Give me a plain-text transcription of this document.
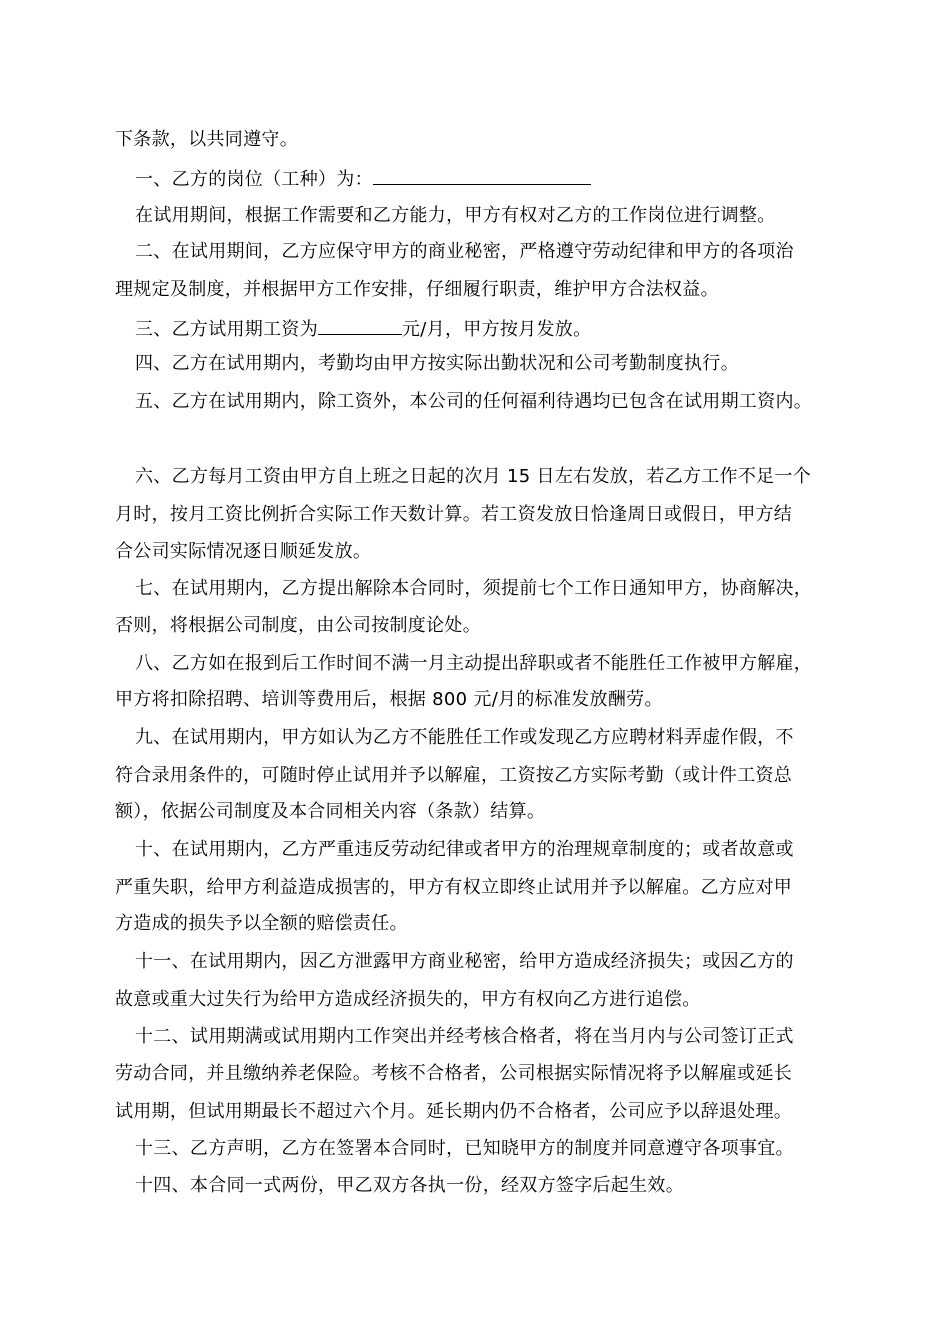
下条款，以共同遵守。
一、乙方的岗位（工种）为：
在试用期间，根据工作需要和乙方能力，甲方有权对乙方的工作岗位进行调整。
二、在试用期间，乙方应保守甲方的商业秘密，严格遵守劳动纪律和甲方的各项治
理规定及制度，并根据甲方工作安排，仔细履行职责，维护甲方合法权益。
三、乙方试用期工资为	元/月，甲方按月发放。
四、乙方在试用期内，考勤均由甲方按实际出勤状况和公司考勤制度执行。
五、乙方在试用期内，除工资外，本公司的任何福利待遇均已包含在试用期工资内。
六、乙方每月工资由甲方自上班之日起的次月 15 日左右发放，若乙方工作不足一个
月时，按月工资比例折合实际工作天数计算。若工资发放日恰逢周日或假日，甲方结
合公司实际情况逐日顺延发放。
七、在试用期内，乙方提出解除本合同时，须提前七个工作日通知甲方，协商解决，
否则，将根据公司制度，由公司按制度论处。
八、乙方如在报到后工作时间不满一月主动提出辞职或者不能胜任工作被甲方解雇，
甲方将扣除招聘、培训等费用后，根据 800 元/月的标准发放酬劳。
九、在试用期内，甲方如认为乙方不能胜任工作或发现乙方应聘材料弄虚作假，不
符合录用条件的，可随时停止试用并予以解雇，工资按乙方实际考勤（或计件工资总
额），依据公司制度及本合同相关内容（条款）结算。
十、在试用期内，乙方严重违反劳动纪律或者甲方的治理规章制度的；或者故意或
严重失职，给甲方利益造成损害的，甲方有权立即终止试用并予以解雇。乙方应对甲
方造成的损失予以全额的赔偿责任。
十一、在试用期内，因乙方泄露甲方商业秘密，给甲方造成经济损失；或因乙方的
故意或重大过失行为给甲方造成经济损失的，甲方有权向乙方进行追偿。
十二、试用期满或试用期内工作突出并经考核合格者，将在当月内与公司签订正式
劳动合同，并且缴纳养老保险。考核不合格者，公司根据实际情况将予以解雇或延长
试用期，但试用期最长不超过六个月。延长期内仍不合格者，公司应予以辞退处理。
十三、乙方声明，乙方在签署本合同时，已知晓甲方的制度并同意遵守各项事宜。
十四、本合同一式两份，甲乙双方各执一份，经双方签字后起生效。
